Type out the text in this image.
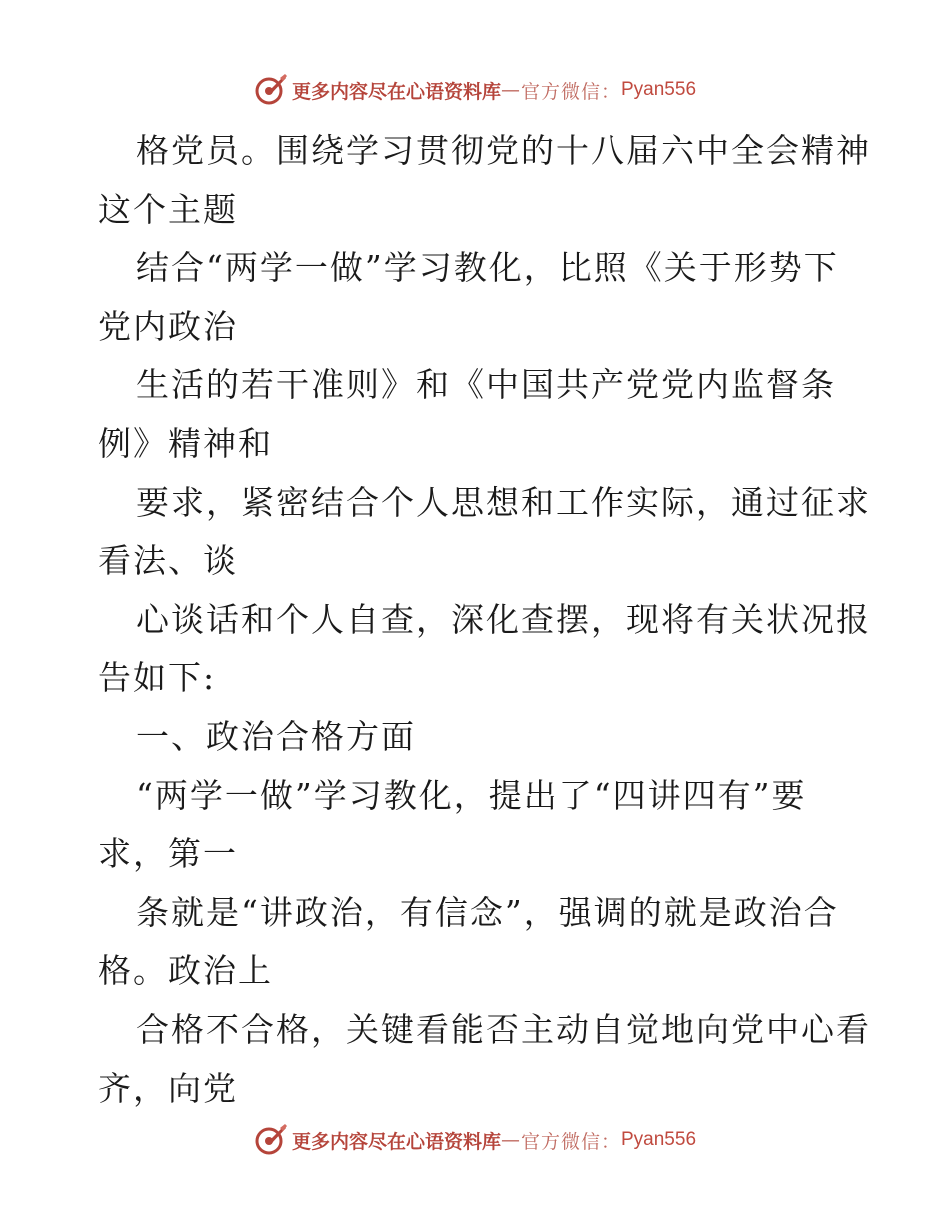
更多内容尽在心语资料库 — 官方微信： Pyan556
格党员。围绕学习贯彻党的十八届六中全会精神
这个主题
结合“两学一做”学习教化，比照《关于形势下
党内政治
生活的若干准则》和《中国共产党党内监督条
例》精神和
要求，紧密结合个人思想和工作实际，通过征求
看法、谈
心谈话和个人自查，深化查摆，现将有关状况报
告如下:
一、政治合格方面
“两学一做”学习教化，提出了“四讲四有”要
求，第一
条就是“讲政治，有信念”，强调的就是政治合
格。政治上
合格不合格，关键看能否主动自觉地向党中心看
齐，向党
更多内容尽在心语资料库 — 官方微信： Pyan556
